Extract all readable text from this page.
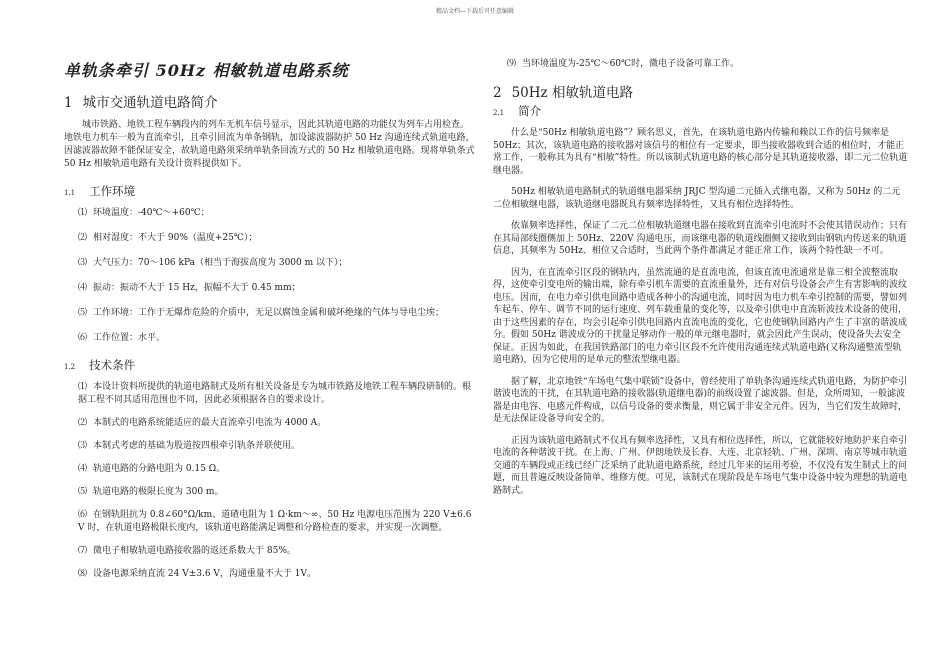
精品文档---下载后可任意编辑
单轨条牵引 50Hz 相敏轨道电路系统
1 城市交通轨道电路简介
城市铁路、地铁工程车辆段内的列车无机车信号显示，因此其轨道电路的功能仅为列车占用检查。地铁电力机车一般为直流牵引，且牵引回流为单条钢轨，加设滤波器防护 50 Hz 沟通连续式轨道电路，因滤波器故障不能保证安全，故轨道电路须采纳单轨条回流方式的 50 Hz 相敏轨道电路。现将单轨条式 50 Hz 相敏轨道电路有关设计资料提供如下。
1.1 工作环境
⑴ 环境温度：-40℃～+60℃；
⑵ 相对湿度：不大于 90%（温度+25℃）；
⑶ 大气压力：70～106 kPa（相当于海拔高度为 3000 m 以下）；
⑷ 振动：振动不大于 15 Hz，振幅不大于 0.45 mm；
⑸ 工作环境：工作于无爆炸危险的介质中，无足以腐蚀金属和破坏绝缘的气体与导电尘埃；
⑹ 工作位置：水平。
1.2 技术条件
⑴ 本设计资料所提供的轨道电路制式及所有相关设备是专为城市铁路及地铁工程车辆段研制的。根据工程不同其适用范围也不同，因此必须根据各自的要求设计。
⑵ 本制式的电路系统能适应的最大直流牵引电流为 4000 A。
⑶ 本制式考虑的基础为股道按四根牵引轨条并联使用。
⑷ 轨道电路的分路电阻为 0.15 Ω。
⑸ 轨道电路的极限长度为 300 m。
⑹ 在钢轨阻抗为 0.8∠60°Ω/km、道碴电阻为 1 Ω·km～∞、50 Hz 电源电压范围为 220 V±6.6 V 时，在轨道电路极限长度内，该轨道电路能满足调整和分路检查的要求，并实现一次调整。
⑺ 微电子相敏轨道电路接收器的返还系数大于 85%。
⑻ 设备电源采纳直流 24 V±3.6 V，沟通重量不大于 1V。
⑼ 当环境温度为-25℃～60℃时，微电子设备可靠工作。
2 50Hz 相敏轨道电路
2.1 简介
什么是“50Hz 相敏轨道电路”？顾名思义，首先，在该轨道电路内传输和赖以工作的信号频率是 50Hz；其次，该轨道电路的接收器对该信号的相位有一定要求，即当接收器收到合适的相位时，才能正常工作，一般称其为具有“相敏”特性。所以该制式轨道电路的核心部分是其轨道接收器，即二元二位轨道继电器。
50Hz 相敏轨道电路制式的轨道继电器采纳 JRJC 型沟通二元插入式继电器，又称为 50Hz 的二元二位相敏继电器，该轨道继电器既具有频率选择特性，又具有相位选择特性。
依靠频率选择性，保证了二元二位相敏轨道继电器在接收到直流牵引电流时不会使其错误动作；只有在其局部线圈侧加上 50Hz、220V 沟通电压，而该继电器的轨道线圈侧又接收到由钢轨内传送来的轨道信息，其频率为 50Hz、相位又合适时，当此两个条件都满足才能正常工作，该两个特性缺一不可。
因为，在直流牵引区段的钢轨内，虽然流通的是直流电流，但该直流电流通常是靠三相全波整流取得，这使牵引变电所的输出端，除有牵引机车需要的直流重量外，还有对信号设备会产生有害影响的波纹电压。因而，在电力牵引供电回路中造成各种小的沟通电流，同时因为电力机车牵引控制的需要，譬如列车起车、停车、调节不同的运行速度、列车载重量的变化等，以及牵引供电中直流斩波技术设备的使用，由于这些因素的存在，均会引起牵引供电回路内直流电流的变化，它也使钢轨回路内产生了丰富的谐波成分。假如 50Hz 谐波成分的干扰量足够动作一般的单元继电器时，就会因此产生误动，使设备失去安全保证。正因为如此，在我国铁路部门的电力牵引区段不允许使用沟通连续式轨道电路(又称沟通整流型轨道电路)，因为它使用的是单元的整流型继电器。
据了解，北京地铁“车场电气集中联锁”设备中，曾经使用了单轨条沟通连续式轨道电路，为防护牵引谐波电流的干扰，在其轨道电路的接收器(轨道继电器)的前级设置了滤波器。但是，众所周知，一般滤波器是由电容、电感元件构成，以信号设备的要求衡量，则它属于非安全元件。因为，当它们发生故障时，是无法保证设备导向安全的。
正因为该轨道电路制式不仅具有频率选择性，又具有相位选择性，所以，它就能较好地防护来自牵引电流的各种谐波干扰。在上海、广州、伊朗地铁及长春、大连、北京轻轨、广州、深圳、南京等城市轨道交通的车辆段或正线已经广泛采纳了此轨道电路系统，经过几年来的运用考验，不仅没有发生制式上的问题，而且普遍反映设备简单、维修方便。可见，该制式在现阶段是车场电气集中设备中较为理想的轨道电路制式。
